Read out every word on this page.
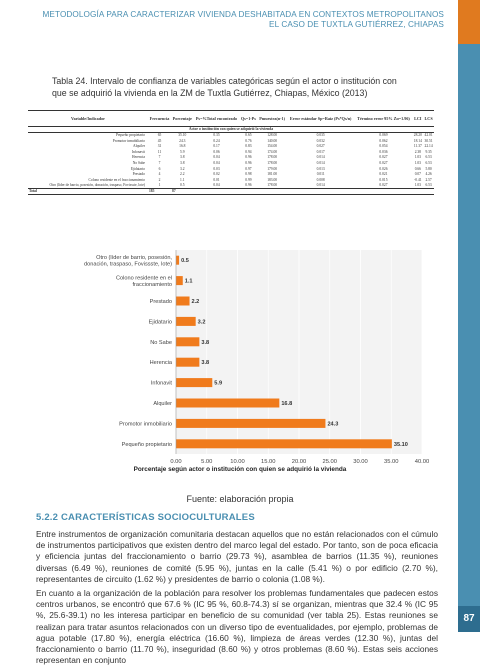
87
METODOLOGÍA PARA CARACTERIZAR VIVIENDA DESHABITADA EN CONTEXTOS METROPOLITANOS
EL CASO DE TUXTLA GUTIÉRREZ, CHIAPAS
Tabla 24. Intervalo de confianza de variables categóricas según el actor o institución con que se adquirió la vivienda en la ZM de Tuxtla Gutiérrez, Chiapas, México (2013)
Variable/Indicador	Frecuencia	Porcentaje	Ps=%Total encontrado	Qs=1-Ps	Pmuestra(n-1)	Error estándar Sp=Raíz (Ps*Qs/n)	Término error 95% Zα=1.96)	LCI	LCS
Actor o institución con quien se adquirió la vivienda									
Pequeño propietario	65	35.10	0.35	0.65	128.00	0.035	0.069	28.20	42.01
Promotor inmobiliario	45	24.3	0.24	0.76	140.00	0.032	0.062	18.14	30.51
Alquiler	31	16.8	0.17	0.83	154.00	0.027	0.054	11.37	22.14
Infonavit	11	5.9	0.06	0.94	174.00	0.017	0.036	2.38	9.35
Herencia	7	3.8	0.04	0.96	178.00	0.014	0.027	1.03	6.53
No Sabe	7	3.8	0.04	0.96	178.00	0.014	0.027	1.03	6.53
Ejidatario	6	3.2	0.03	0.97	179.00	0.013	0.026	0.66	5.80
Prestado	4	2.2	0.02	0.98	181.00	0.011	0.021	0.07	4.26
Colono residente en el fraccionamiento	2	1.1	0.01	0.99	183.00	0.008	0.015	-0.41	2.57
Otro (líder de barrio, posesión, donación, traspaso, Fovissste, lote)	1	0.5	0.04	0.96	178.00	0.014	0.027	1.03	6.53
Total	185	87							
0.00	5.00	10.00	15.00	20.00	25.00	30.00	35.00	40.00
0.5
Otro (líder de barrio, posesión, donación, traspaso, Fovissste, lote)
1.1
Colono residente en el fraccionamiento
2.2
Prestado
3.2
Ejidatario
3.8
No Sabe
3.8
Herencia
5.9
Infonavit
16.8
Alquiler
24.3
Promotor inmobiliario
35.10
Pequeño propietario
Porcentaje según actor o institución con quien se adquirió la vivienda
Fuente: elaboración propia
5.2.2 CARACTERÍSTICAS SOCIOCULTURALES

Entre instrumentos de organización comunitaria destacan aquellos que no están relacionados con el cúmulo de instrumentos participativos que existen dentro del marco legal del estado. Por tanto, son de poca eficacia y eficiencia juntas del fraccionamiento o barrio (29.73 %), asamblea de barrios (11.35 %), reuniones diversas (6.49 %), reuniones de comité (5.95 %), juntas en la calle (5.41 %) o por edificio (2.70 %), representantes de circuito (1.62 %) y presidentes de barrio o colonia (1.08 %).

En cuanto a la organización de la población para resolver los problemas fundamentales que padecen estos centros urbanos, se encontró que 67.6 % (IC 95 %, 60.8-74.3) sí se organizan, mientras que 32.4 % (IC 95 %, 25.6-39.1) no les interesa participar en beneficio de su comunidad (ver tabla 25). Estas reuniones se realizan para tratar asuntos relacionados con un diverso tipo de eventualidades, por ejemplo, problemas de agua potable (17.80 %), energía eléctrica (16.60 %), limpieza de áreas verdes (12.30 %), juntas del fraccionamiento o barrio (11.70 %), inseguridad (8.60 %) y otros problemas (8.60 %). Estas seis acciones representan en conjunto
